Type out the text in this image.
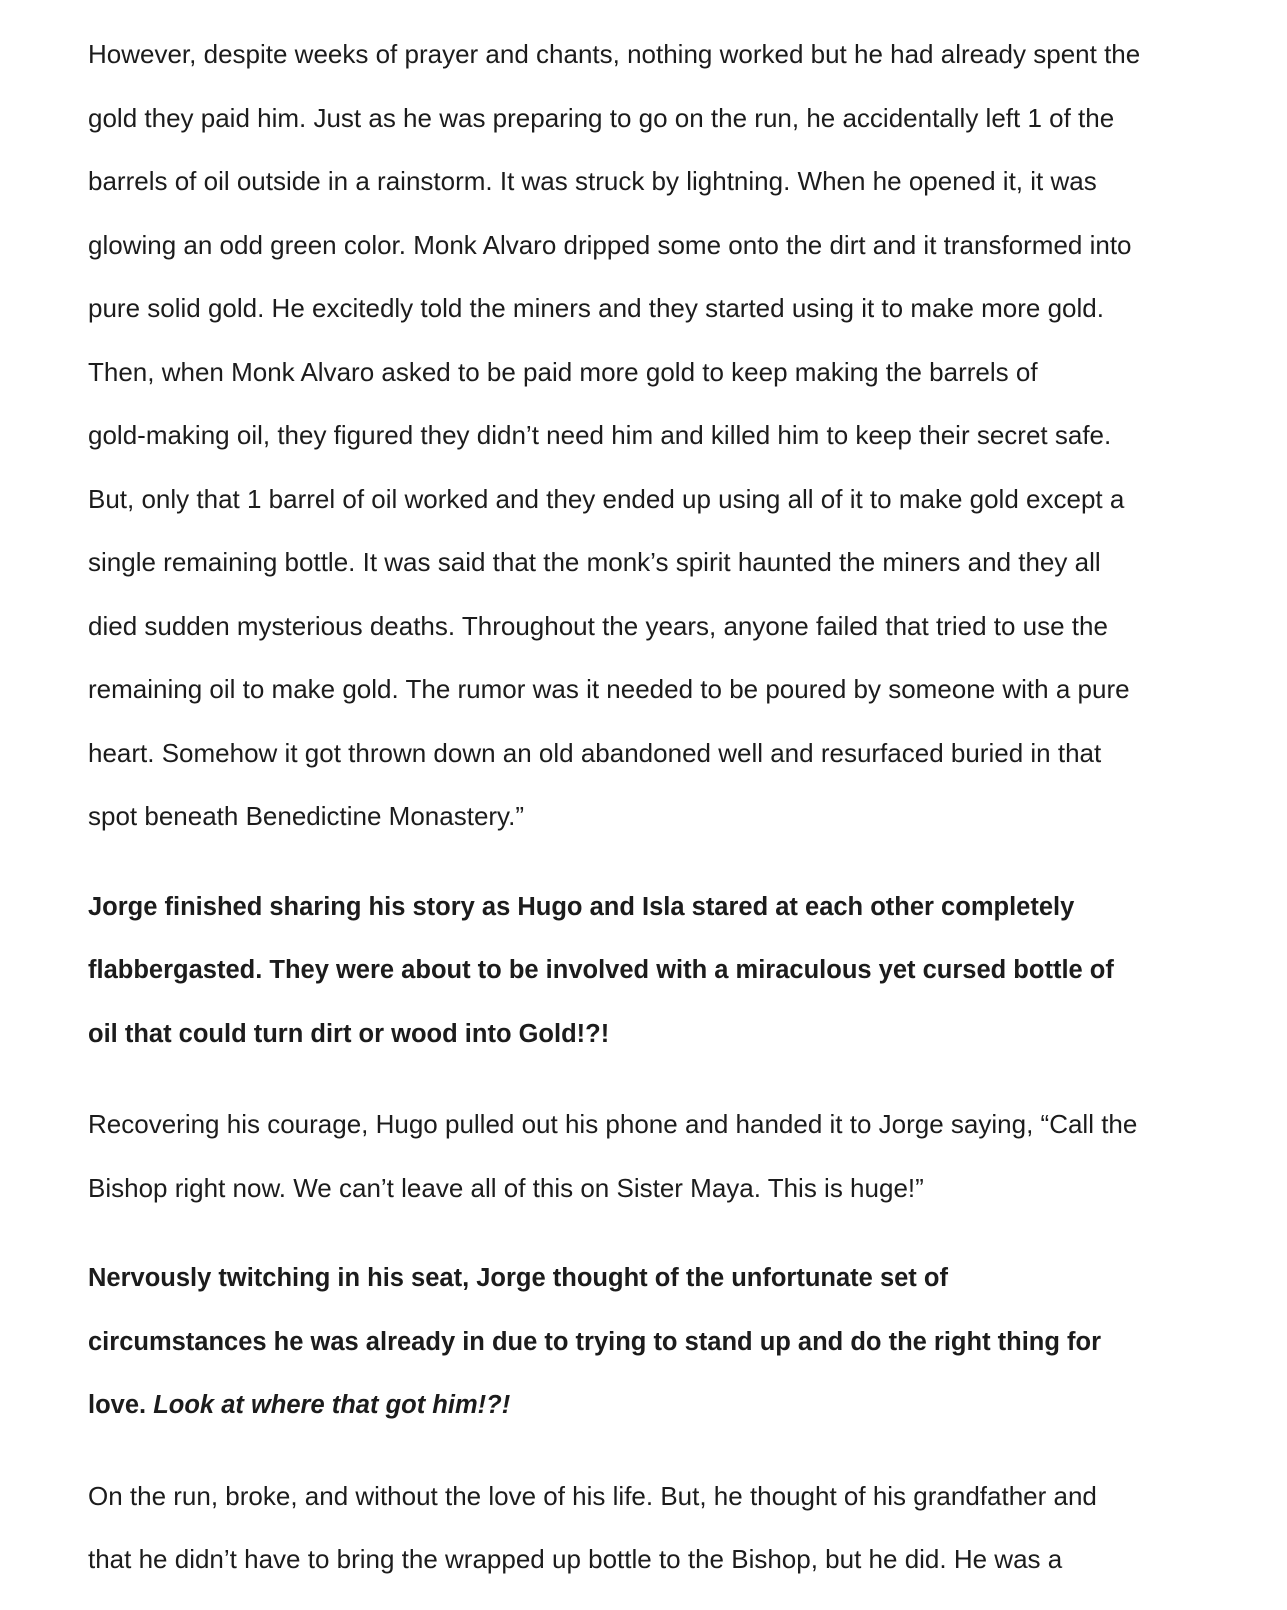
However, despite weeks of prayer and chants, nothing worked but he had already spent the
gold they paid him. Just as he was preparing to go on the run, he accidentally left 1 of the
barrels of oil outside in a rainstorm. It was struck by lightning. When he opened it, it was
glowing an odd green color. Monk Alvaro dripped some onto the dirt and it transformed into
pure solid gold. He excitedly told the miners and they started using it to make more gold.
Then, when Monk Alvaro asked to be paid more gold to keep making the barrels of
gold-making oil, they figured they didn’t need him and killed him to keep their secret safe.
But, only that 1 barrel of oil worked and they ended up using all of it to make gold except a
single remaining bottle. It was said that the monk’s spirit haunted the miners and they all
died sudden mysterious deaths. Throughout the years, anyone failed that tried to use the
remaining oil to make gold. The rumor was it needed to be poured by someone with a pure
heart. Somehow it got thrown down an old abandoned well and resurfaced buried in that
spot beneath Benedictine Monastery.”
Jorge finished sharing his story as Hugo and Isla stared at each other completely
flabbergasted. They were about to be involved with a miraculous yet cursed bottle of
oil that could turn dirt or wood into Gold!?!
Recovering his courage, Hugo pulled out his phone and handed it to Jorge saying, “Call the
Bishop right now. We can’t leave all of this on Sister Maya. This is huge!”
Nervously twitching in his seat, Jorge thought of the unfortunate set of
circumstances he was already in due to trying to stand up and do the right thing for
love. Look at where that got him!?!
On the run, broke, and without the love of his life. But, he thought of his grandfather and
that he didn’t have to bring the wrapped up bottle to the Bishop, but he did. He was a
